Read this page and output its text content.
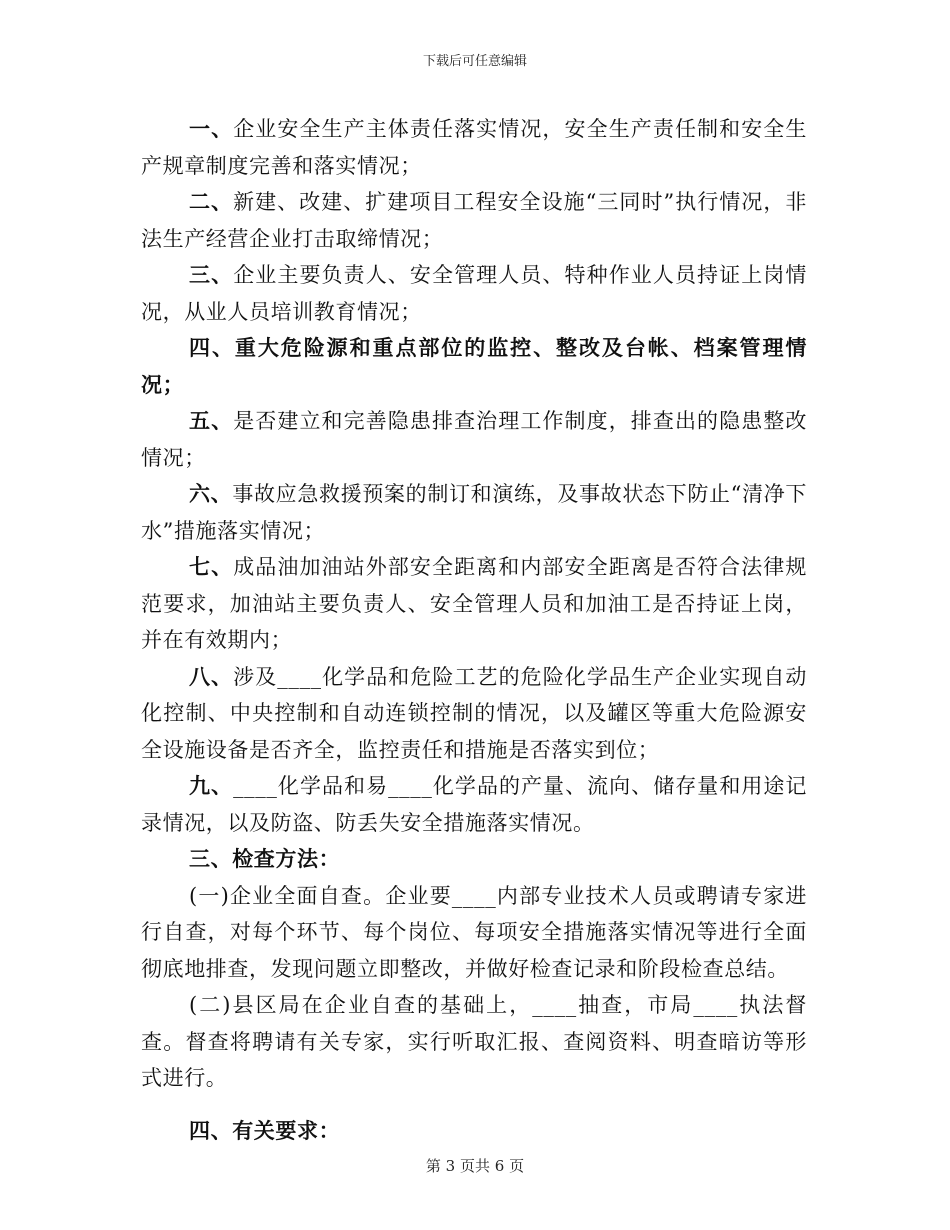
下载后可任意编辑

一、企业安全生产主体责任落实情况，安全生产责任制和安全生产规章制度完善和落实情况；

二、新建、改建、扩建项目工程安全设施“三同时”执行情况，非法生产经营企业打击取缔情况；

三、企业主要负责人、安全管理人员、特种作业人员持证上岗情况，从业人员培训教育情况；

四、重大危险源和重点部位的监控、整改及台帐、档案管理情况；

五、是否建立和完善隐患排查治理工作制度，排查出的隐患整改情况；

六、事故应急救援预案的制订和演练，及事故状态下防止“清净下水”措施落实情况；

七、成品油加油站外部安全距离和内部安全距离是否符合法律规范要求，加油站主要负责人、安全管理人员和加油工是否持证上岗，并在有效期内；

八、涉及____化学品和危险工艺的危险化学品生产企业实现自动化控制、中央控制和自动连锁控制的情况，以及罐区等重大危险源安全设施设备是否齐全，监控责任和措施是否落实到位；

九、____化学品和易____化学品的产量、流向、储存量和用途记录情况，以及防盗、防丢失安全措施落实情况。

三、检查方法：

(一)企业全面自查。企业要____内部专业技术人员或聘请专家进行自查，对每个环节、每个岗位、每项安全措施落实情况等进行全面彻底地排查，发现问题立即整改，并做好检查记录和阶段检查总结。

(二)县区局在企业自查的基础上，____抽查，市局____执法督查。督查将聘请有关专家，实行听取汇报、查阅资料、明查暗访等形式进行。

四、有关要求：

第 3 页共 6 页
